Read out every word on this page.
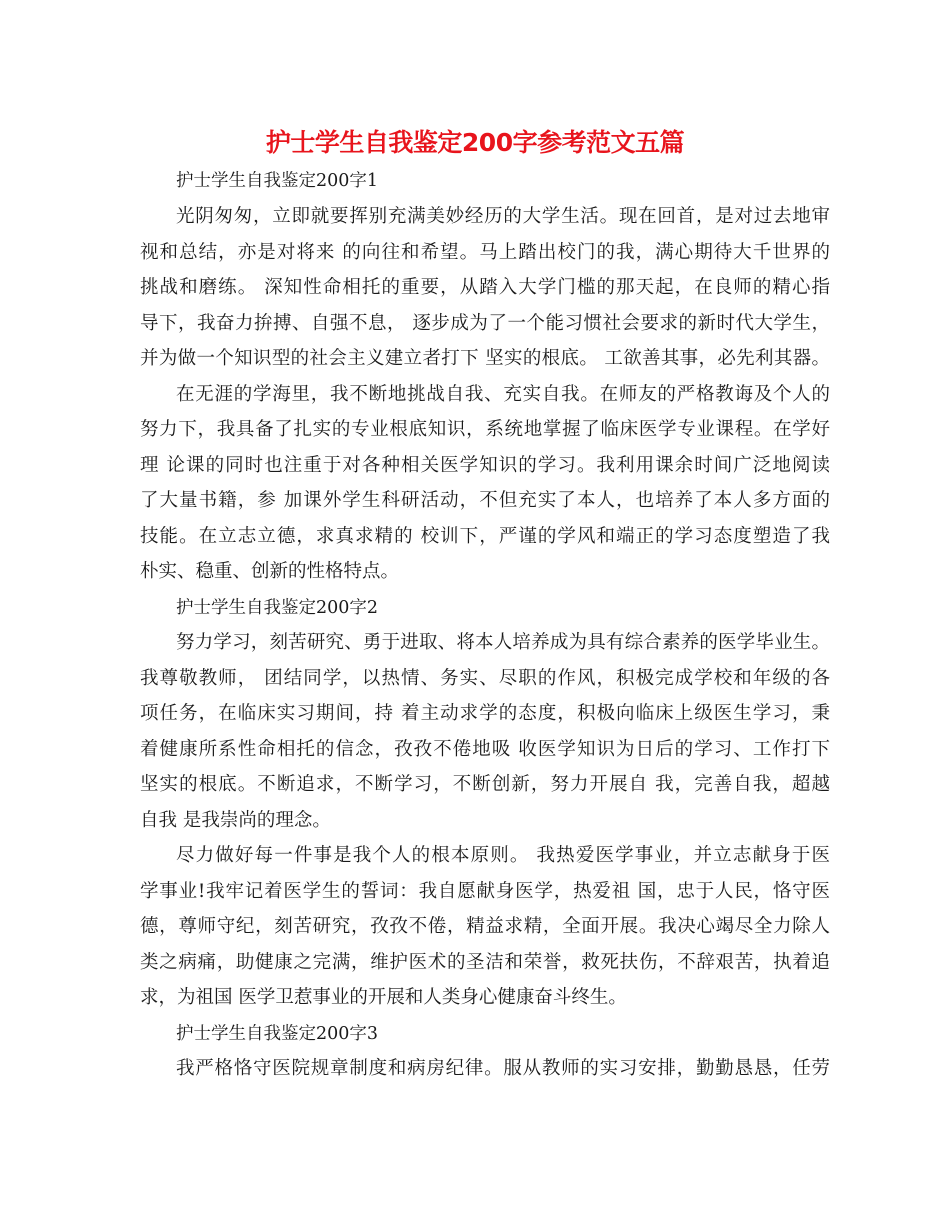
护士学生自我鉴定200字参考范文五篇
护士学生自我鉴定200字1
光阴匆匆，立即就要挥别充满美妙经历的大学生活。现在回首，是对过去地审
视和总结，亦是对将来 的向往和希望。马上踏出校门的我，满心期待大千世界的
挑战和磨练。 深知性命相托的重要，从踏入大学门槛的那天起，在良师的精心指
导下，我奋力拚搏、自强不息， 逐步成为了一个能习惯社会要求的新时代大学生，
并为做一个知识型的社会主义建立者打下 坚实的根底。 工欲善其事，必先利其器。
在无涯的学海里，我不断地挑战自我、充实自我。在师友的严格教诲及个人的
努力下，我具备了扎实的专业根底知识，系统地掌握了临床医学专业课程。在学好
理 论课的同时也注重于对各种相关医学知识的学习。我利用课余时间广泛地阅读
了大量书籍，参 加课外学生科研活动，不但充实了本人，也培养了本人多方面的
技能。在立志立德，求真求精的 校训下，严谨的学风和端正的学习态度塑造了我
朴实、稳重、创新的性格特点。
护士学生自我鉴定200字2
努力学习，刻苦研究、勇于进取、将本人培养成为具有综合素养的医学毕业生。
我尊敬教师， 团结同学，以热情、务实、尽职的作风，积极完成学校和年级的各
项任务，在临床实习期间，持 着主动求学的态度，积极向临床上级医生学习，秉
着健康所系性命相托的信念，孜孜不倦地吸 收医学知识为日后的学习、工作打下
坚实的根底。不断追求，不断学习，不断创新，努力开展自 我，完善自我，超越
自我 是我崇尚的理念。
尽力做好每一件事是我个人的根本原则。 我热爱医学事业，并立志献身于医
学事业!我牢记着医学生的誓词：我自愿献身医学，热爱祖 国，忠于人民，恪守医
德，尊师守纪，刻苦研究，孜孜不倦，精益求精，全面开展。我决心竭尽全力除人
类之病痛，助健康之完满，维护医术的圣洁和荣誉，救死扶伤，不辞艰苦，执着追
求，为祖国 医学卫惹事业的开展和人类身心健康奋斗终生。
护士学生自我鉴定200字3
我严格恪守医院规章制度和病房纪律。服从教师的实习安排，勤勤恳恳，任劳
